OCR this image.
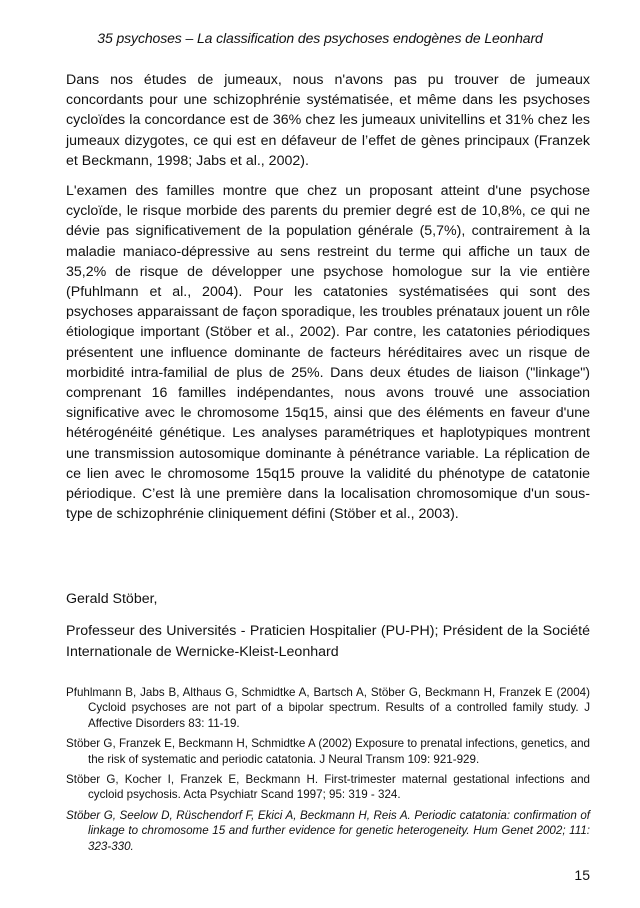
35 psychoses – La classification des psychoses endogènes de Leonhard

Dans nos études de jumeaux, nous n'avons pas pu trouver de jumeaux concordants pour une schizophrénie systématisée, et même dans les psychoses cycloïdes la concordance est de 36% chez les jumeaux univitellins et 31% chez les jumeaux dizygotes, ce qui est en défaveur de l’effet de gènes principaux (Franzek et Beckmann, 1998; Jabs et al., 2002).

L'examen des familles montre que chez un proposant atteint d'une psychose cycloïde, le risque morbide des parents du premier degré est de 10,8%, ce qui ne dévie pas significativement de la population générale (5,7%), contrairement à la maladie maniaco-dépressive au sens restreint du terme qui affiche un taux de 35,2% de risque de développer une psychose homologue sur la vie entière (Pfuhlmann et al., 2004). Pour les catatonies systématisées qui sont des psychoses apparaissant de façon sporadique, les troubles prénataux jouent un rôle étiologique important (Stöber et al., 2002). Par contre, les catatonies périodiques présentent une influence dominante de facteurs héréditaires avec un risque de morbidité intra-familial de plus de 25%. Dans deux études de liaison ("linkage") comprenant 16 familles indépendantes, nous avons trouvé une association significative avec le chromosome 15q15, ainsi que des éléments en faveur d'une hétérogénéité génétique. Les analyses paramétriques et haplotypiques montrent une transmission autosomique dominante à pénétrance variable. La réplication de ce lien avec le chromosome 15q15 prouve la validité du phénotype de catatonie périodique. C’est là une première dans la localisation chromosomique d'un sous-type de schizophrénie cliniquement défini (Stöber et al., 2003).

Gerald Stöber,

Professeur des Universités - Praticien Hospitalier (PU-PH); Président de la Société Internationale de Wernicke-Kleist-Leonhard

Pfuhlmann B, Jabs B, Althaus G, Schmidtke A, Bartsch A, Stöber G, Beckmann H, Franzek E (2004) Cycloid psychoses are not part of a bipolar spectrum. Results of a controlled family study. J Affective Disorders 83: 11-19.

Stöber G, Franzek E, Beckmann H, Schmidtke A (2002) Exposure to prenatal infections, genetics, and the risk of systematic and periodic catatonia. J Neural Transm 109: 921-929.

Stöber G, Kocher I, Franzek E, Beckmann H. First-trimester maternal gestational infections and cycloid psychosis. Acta Psychiatr Scand 1997; 95: 319 - 324.

Stöber G, Seelow D, Rüschendorf F, Ekici A, Beckmann H, Reis A. Periodic catatonia: confirmation of linkage to chromosome 15 and further evidence for genetic heterogeneity. Hum Genet 2002; 111: 323-330.

15
